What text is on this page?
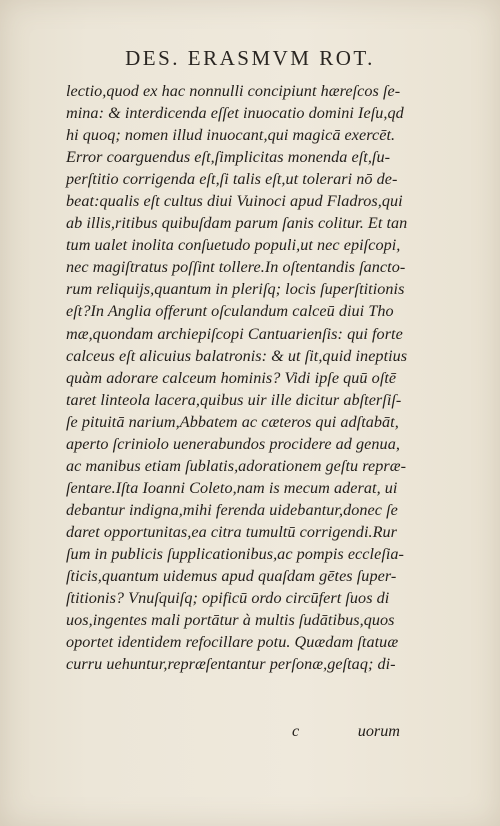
DES. ERASMVM ROT.
lectio,quod ex hac nonnulli concipiunt hæreſcos ſe-
mina: & interdicenda eſſet inuocatio domini Ieſu,qd
hi quoq; nomen illud inuocant,qui magicā exercēt.
Error coarguendus eſt,ſimplicitas monenda eſt,ſu-
perſtitio corrigenda eſt,ſi talis eſt,ut tolerari nō de-
beat:qualis eſt cultus diui Vuinoci apud Fladros,qui
ab illis,ritibus quibuſdam parum ſanis colitur. Et tan
tum ualet inolita conſuetudo populi,ut nec epiſcopi,
nec magiſtratus poſſint tollere.In oſtentandis ſancto-
rum reliquijs,quantum in pleriſq; locis ſuperſtitionis
eſt?In Anglia offerunt oſculandum calceū diui Tho
mæ,quondam archiepiſcopi Cantuarienſis: qui forte
calceus eſt alicuius balatronis: & ut ſit,quid ineptius
quàm adorare calceum hominis? Vidi ipſe quū oſtē
taret linteola lacera,quibus uir ille dicitur abſterſiſ-
ſe pituitā narium,Abbatem ac cæteros qui adſtabāt,
aperto ſcriniolo uenerabundos procidere ad genua,
ac manibus etiam ſublatis,adorationem geſtu repræ-
ſentare.Iſta Ioanni Coleto,nam is mecum aderat, ui
debantur indigna,mihi ferenda uidebantur,donec ſe
daret opportunitas,ea citra tumultū corrigendi.Rur
ſum in publicis ſupplicationibus,ac pompis eccleſia-
ſticis,quantum uidemus apud quaſdam gētes ſuper-
ſtitionis? Vnuſquiſq; opificū ordo circūfert ſuos di
uos,ingentes mali portātur à multis ſudātibus,quos
oportet identidem refocillare potu. Quædam ſtatuæ
curru uehuntur,repræſentantur perſonæ,geſtaq; di-
c	uorum
